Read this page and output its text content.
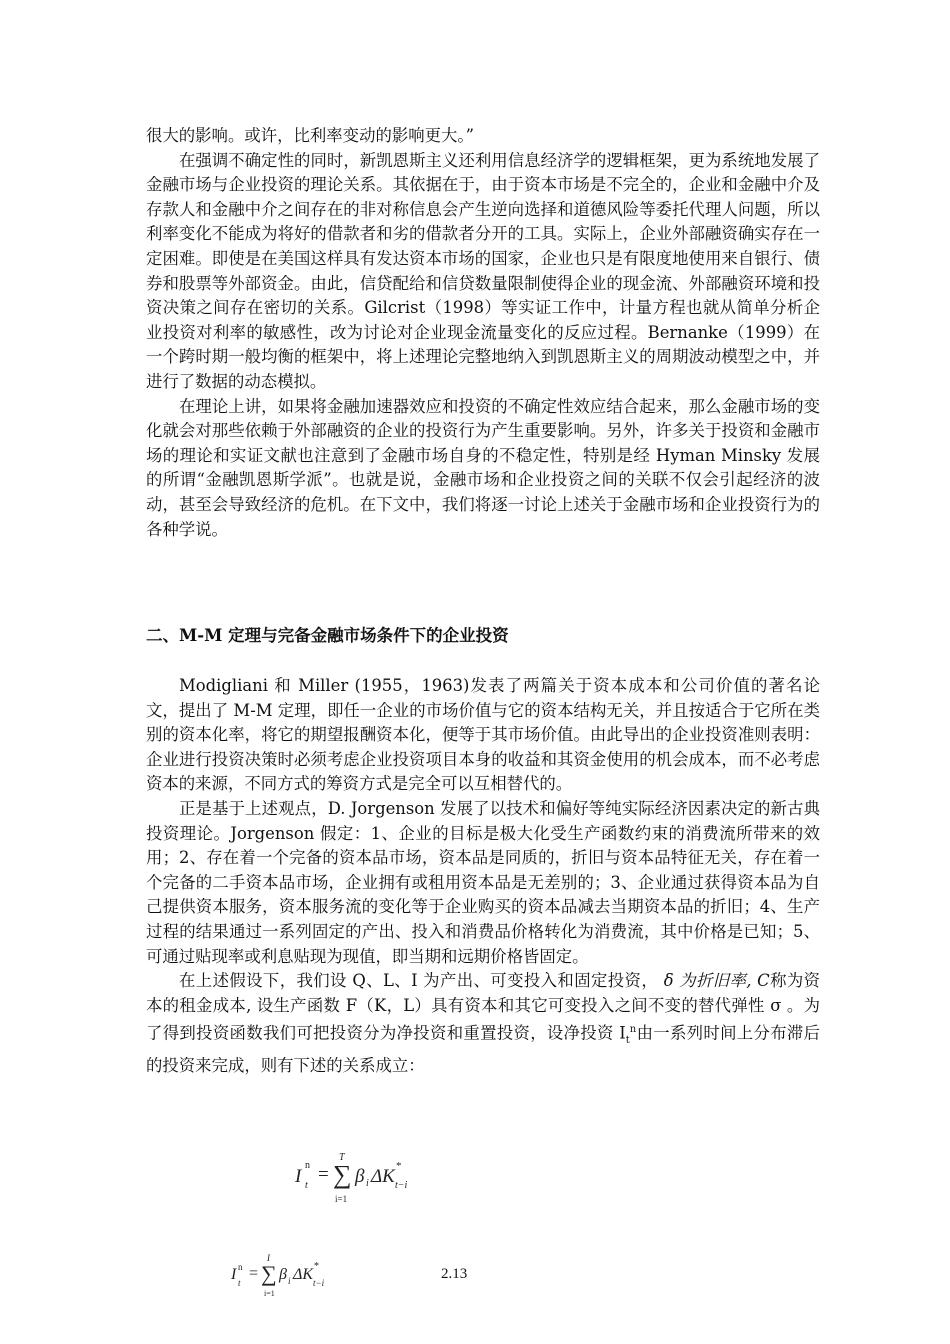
很大的影响。或许，比利率变动的影响更大。”

在强调不确定性的同时，新凯恩斯主义还利用信息经济学的逻辑框架，更为系统地发展了金融市场与企业投资的理论关系。其依据在于，由于资本市场是不完全的，企业和金融中介及存款人和金融中介之间存在的非对称信息会产生逆向选择和道德风险等委托代理人问题，所以利率变化不能成为将好的借款者和劣的借款者分开的工具。实际上，企业外部融资确实存在一定困难。即使是在美国这样具有发达资本市场的国家，企业也只是有限度地使用来自银行、债券和股票等外部资金。由此，信贷配给和信贷数量限制使得企业的现金流、外部融资环境和投资决策之间存在密切的关系。Gilcrist（1998）等实证工作中，计量方程也就从简单分析企业投资对利率的敏感性，改为讨论对企业现金流量变化的反应过程。Bernanke（1999）在一个跨时期一般均衡的框架中，将上述理论完整地纳入到凯恩斯主义的周期波动模型之中，并进行了数据的动态模拟。

在理论上讲，如果将金融加速器效应和投资的不确定性效应结合起来，那么金融市场的变化就会对那些依赖于外部融资的企业的投资行为产生重要影响。另外，许多关于投资和金融市场的理论和实证文献也注意到了金融市场自身的不稳定性，特别是经 Hyman Minsky 发展的所谓“金融凯恩斯学派”。也就是说，金融市场和企业投资之间的关联不仅会引起经济的波动，甚至会导致经济的危机。在下文中，我们将逐一讨论上述关于金融市场和企业投资行为的各种学说。

二、M-M 定理与完备金融市场条件下的企业投资

Modigliani 和 Miller (1955，1963)发表了两篇关于资本成本和公司价值的著名论文，提出了 M-M 定理，即任一企业的市场价值与它的资本结构无关，并且按适合于它所在类别的资本化率，将它的期望报酬资本化，便等于其市场价值。由此导出的企业投资准则表明：企业进行投资决策时必须考虑企业投资项目本身的收益和其资金使用的机会成本，而不必考虑资本的来源，不同方式的筹资方式是完全可以互相替代的。

正是基于上述观点，D. Jorgenson 发展了以技术和偏好等纯实际经济因素决定的新古典投资理论。Jorgenson 假定：1、企业的目标是极大化受生产函数约束的消费流所带来的效用；2、存在着一个完备的资本品市场，资本品是同质的，折旧与资本品特征无关，存在着一个完备的二手资本品市场，企业拥有或租用资本品是无差别的；3、企业通过获得资本品为自己提供资本服务，资本服务流的变化等于企业购买的资本品减去当期资本品的折旧；4、生产过程的结果通过一系列固定的产出、投入和消费品价格转化为消费流，其中价格是已知；5、可通过贴现率或利息贴现为现值，即当期和远期价格皆固定。

在上述假设下，我们设 Q、L、I 为产出、可变投入和固定投资， δ 为折旧率, C称为资本的租金成本, 设生产函数 F（K，L）具有资本和其它可变投入之间不变的替代弹性 σ 。为了得到投资函数我们可把投资分为净投资和重置投资，设净投资 $I_t^n$由一系列时间上分布滞后的投资来完成，则有下述的关系成立：

I
n
t
= ∑
T
i=1
β i ΔK *
t−i
I n
t
= ∑
I
i=1
β i ΔK *
t−i
2.13
